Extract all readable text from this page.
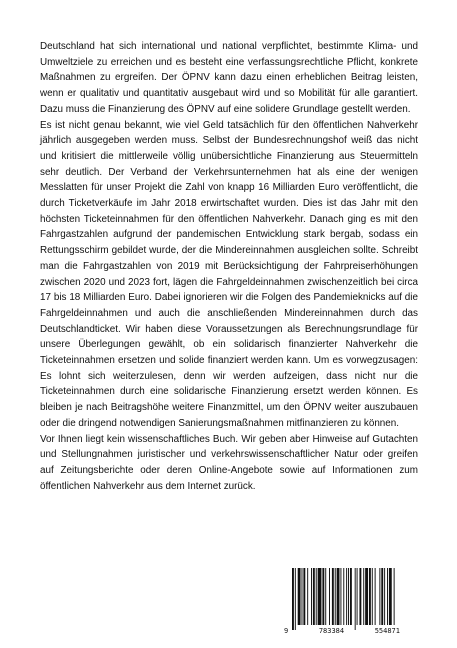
Deutschland hat sich international und national verpflichtet, bestimmte Klima- und Umweltziele zu erreichen und es besteht eine verfassungsrechtliche Pflicht, konkrete Maßnahmen zu ergreifen. Der ÖPNV kann dazu einen erheblichen Beitrag leisten, wenn er qualitativ und quantitativ ausgebaut wird und so Mobilität für alle garantiert. Dazu muss die Finanzierung des ÖPNV auf eine solidere Grundlage gestellt werden.

Es ist nicht genau bekannt, wie viel Geld tatsächlich für den öffentlichen Nahverkehr jährlich ausgegeben werden muss. Selbst der Bundesrechnungshof weiß das nicht und kritisiert die mittlerweile völlig unübersichtliche Finanzierung aus Steuermitteln sehr deutlich. Der Verband der Verkehrsunternehmen hat als eine der wenigen Messlatten für unser Projekt die Zahl von knapp 16 Milliarden Euro veröffentlicht, die durch Ticketverkäufe im Jahr 2018 erwirtschaftet wurden. Dies ist das Jahr mit den höchsten Ticketeinnahmen für den öffentlichen Nahverkehr. Danach ging es mit den Fahrgastzahlen aufgrund der pandemischen Entwicklung stark bergab, sodass ein Rettungsschirm gebildet wurde, der die Mindereinnahmen ausgleichen sollte. Schreibt man die Fahrgastzahlen von 2019 mit Berücksichtigung der Fahrpreiserhöhungen zwischen 2020 und 2023 fort, lägen die Fahrgeldeinnahmen zwischenzeitlich bei circa 17 bis 18 Milliarden Euro. Dabei ignorieren wir die Folgen des Pandemieknicks auf die Fahrgeldeinnahmen und auch die anschließenden Mindereinnahmen durch das Deutschlandticket. Wir haben diese Voraussetzungen als Berechnungsrundlage für unsere Überlegungen gewählt, ob ein solidarisch finanzierter Nahverkehr die Ticketeinnahmen ersetzen und solide finanziert werden kann. Um es vorwegzusagen: Es lohnt sich weiterzulesen, denn wir werden aufzeigen, dass nicht nur die Ticketeinnahmen durch eine solidarische Finanzierung ersetzt werden können. Es bleiben je nach Beitragshöhe weitere Finanzmittel, um den ÖPNV weiter auszubauen oder die dringend notwendigen Sanierungsmaßnahmen mitfinanzieren zu können.

Vor Ihnen liegt kein wissenschaftliches Buch. Wir geben aber Hinweise auf Gutachten und Stellungnahmen juristischer und verkehrswissenschaftlicher Natur oder greifen auf Zeitungsberichte oder deren Online-Angebote sowie auf Informationen zum öffentlichen Nahverkehr aus dem Internet zurück.

9	783384	554871
